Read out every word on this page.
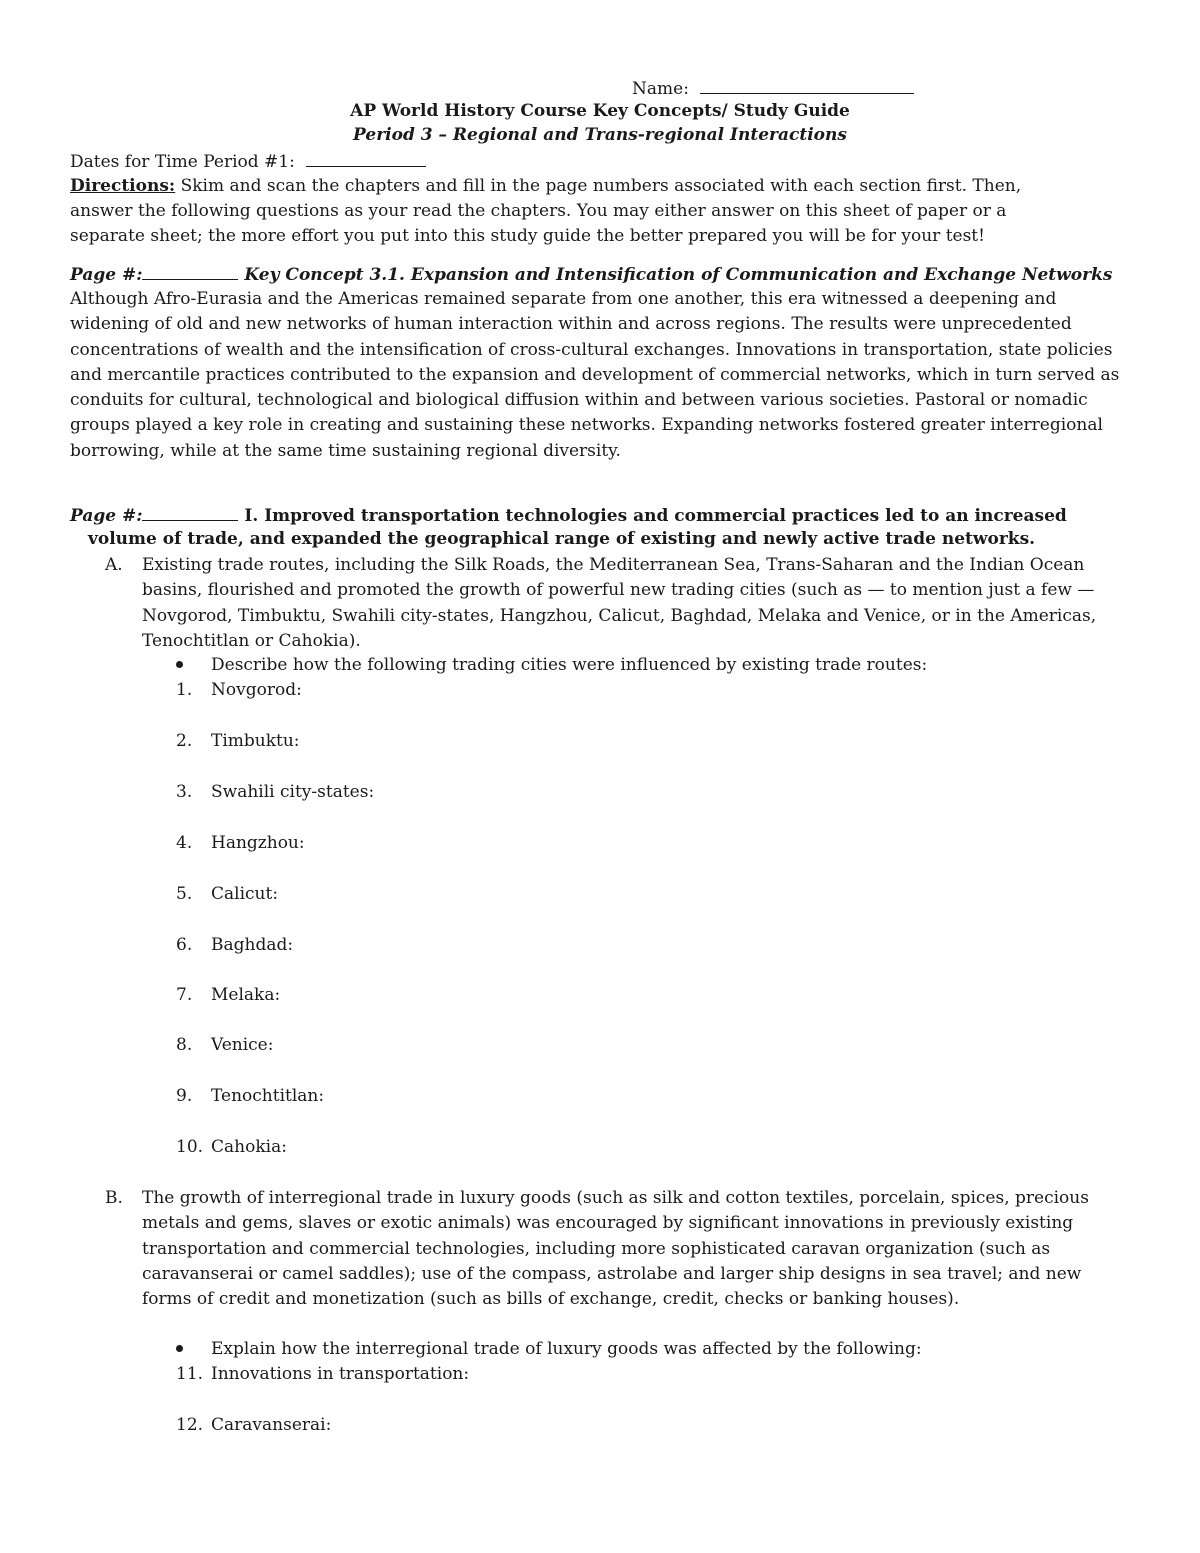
Name:
AP World History Course Key Concepts/ Study Guide
Period 3 – Regional and Trans-regional Interactions
Dates for Time Period #1:
Directions: Skim and scan the chapters and fill in the page numbers associated with each section first. Then,
answer the following questions as your read the chapters. You may either answer on this sheet of paper or a
separate sheet; the more effort you put into this study guide the better prepared you will be for your test!
Page #:	Key Concept 3.1. Expansion and Intensification of Communication and Exchange Networks
Although Afro-Eurasia and the Americas remained separate from one another, this era witnessed a deepening and widening of old and new networks of human interaction within and across regions. The results were unprecedented concentrations of wealth and the intensification of cross-cultural exchanges. Innovations in transportation, state policies and mercantile practices contributed to the expansion and development of commercial networks, which in turn served as conduits for cultural, technological and biological diffusion within and between various societies. Pastoral or nomadic groups played a key role in creating and sustaining these networks. Expanding networks fostered greater interregional borrowing, while at the same time sustaining regional diversity.
Page #:	I. Improved transportation technologies and commercial practices led to an increased
volume of trade, and expanded the geographical range of existing and newly active trade networks.
A. Existing trade routes, including the Silk Roads, the Mediterranean Sea, Trans-Saharan and the Indian Ocean basins, flourished and promoted the growth of powerful new trading cities (such as — to mention just a few — Novgorod, Timbuktu, Swahili city-states, Hangzhou, Calicut, Baghdad, Melaka and Venice, or in the Americas, Tenochtitlan or Cahokia).
Describe how the following trading cities were influenced by existing trade routes:
1. Novgorod:
2. Timbuktu:
3. Swahili city-states:
4. Hangzhou:
5. Calicut:
6. Baghdad:
7. Melaka:
8. Venice:
9. Tenochtitlan:
10. Cahokia:
B. The growth of interregional trade in luxury goods (such as silk and cotton textiles, porcelain, spices, precious metals and gems, slaves or exotic animals) was encouraged by significant innovations in previously existing transportation and commercial technologies, including more sophisticated caravan organization (such as caravanserai or camel saddles); use of the compass, astrolabe and larger ship designs in sea travel; and new forms of credit and monetization (such as bills of exchange, credit, checks or banking houses).
Explain how the interregional trade of luxury goods was affected by the following:
11. Innovations in transportation:
12. Caravanserai:
